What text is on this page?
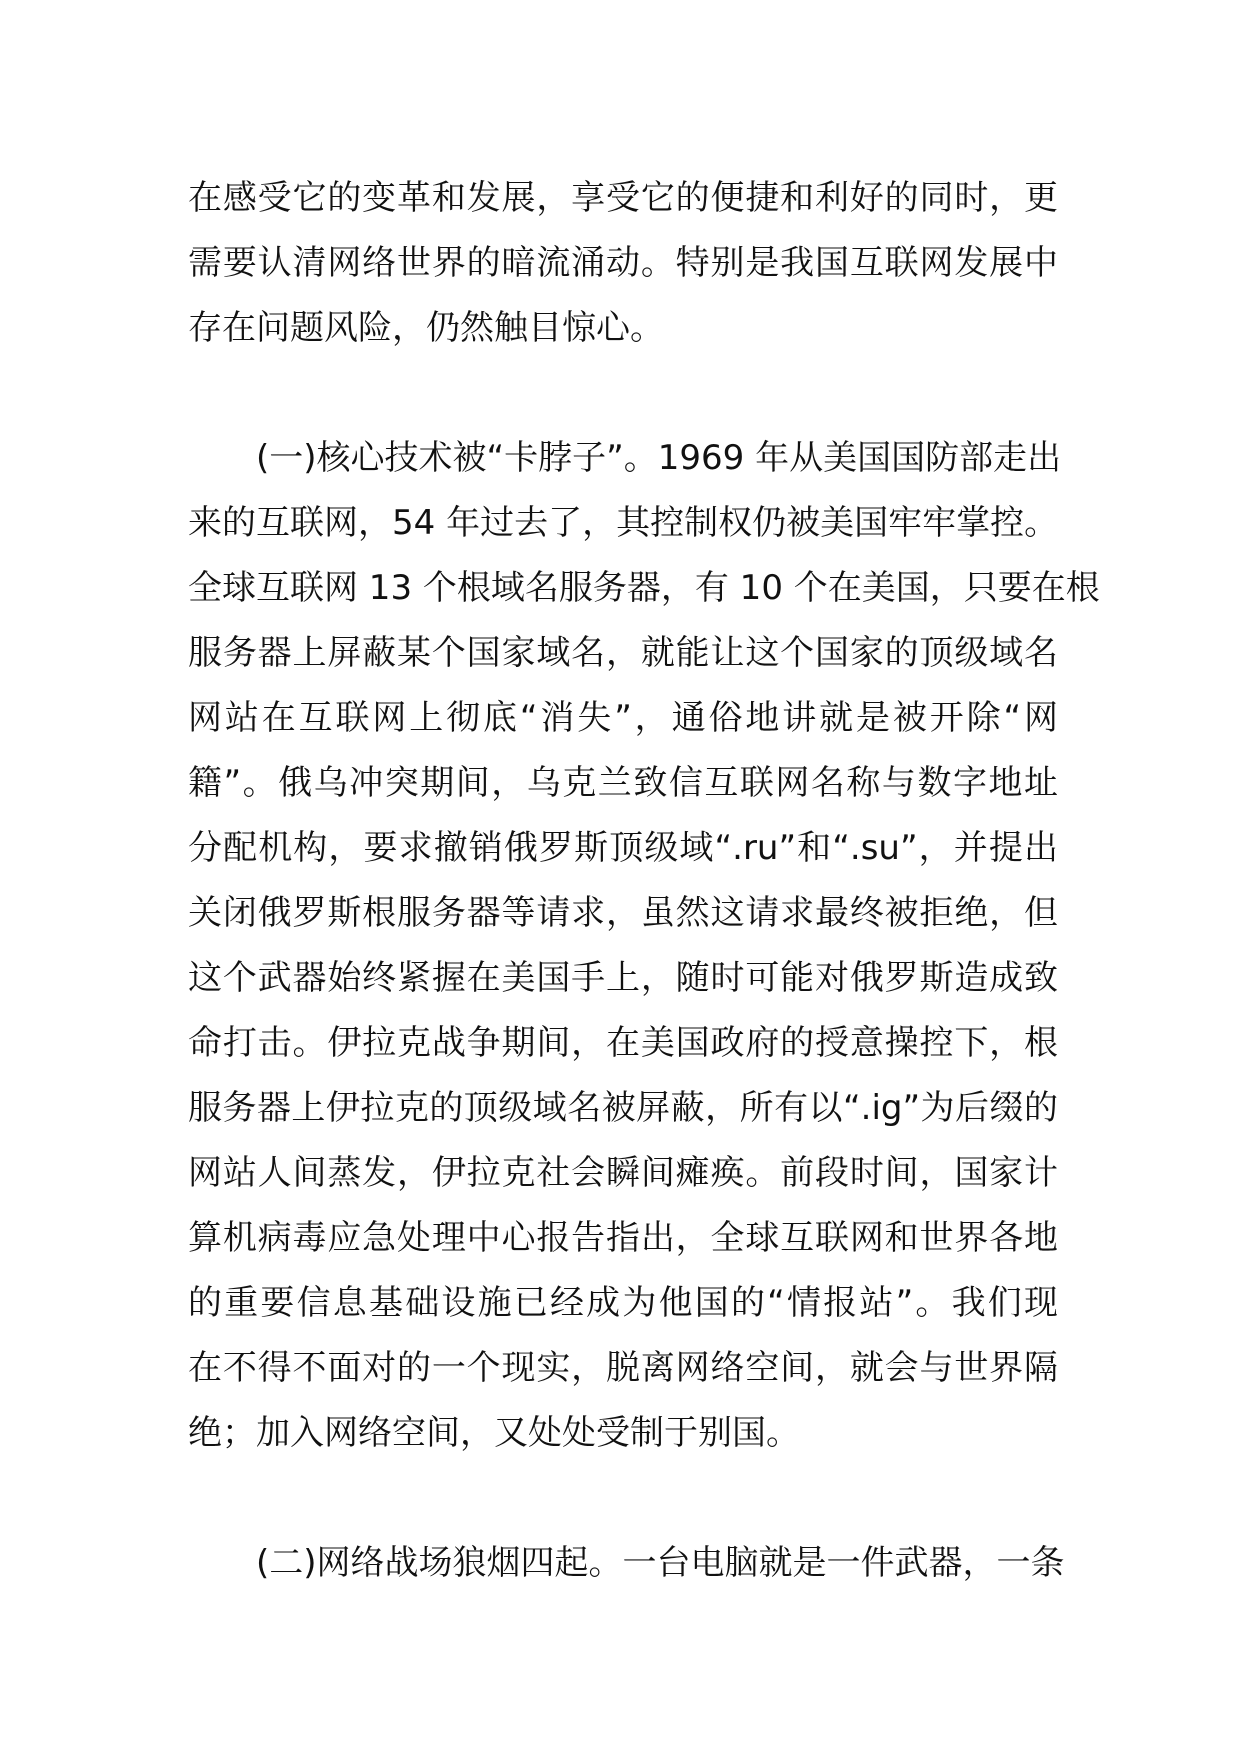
在感受它的变革和发展，享受它的便捷和利好的同时，更
需要认清网络世界的暗流涌动。特别是我国互联网发展中
存在问题风险，仍然触目惊心。
(一)核心技术被“卡脖子”。1969 年从美国国防部走出
来的互联网，54 年过去了，其控制权仍被美国牢牢掌控。
全球互联网 13 个根域名服务器，有 10 个在美国，只要在根
服务器上屏蔽某个国家域名，就能让这个国家的顶级域名
网站在互联网上彻底“消失”，通俗地讲就是被开除“网
籍”。俄乌冲突期间，乌克兰致信互联网名称与数字地址
分配机构，要求撤销俄罗斯顶级域“.ru”和“.su”，并提出
关闭俄罗斯根服务器等请求，虽然这请求最终被拒绝，但
这个武器始终紧握在美国手上，随时可能对俄罗斯造成致
命打击。伊拉克战争期间，在美国政府的授意操控下，根
服务器上伊拉克的顶级域名被屏蔽，所有以“.ig”为后缀的
网站人间蒸发，伊拉克社会瞬间瘫痪。前段时间，国家计
算机病毒应急处理中心报告指出，全球互联网和世界各地
的重要信息基础设施已经成为他国的“情报站”。我们现
在不得不面对的一个现实，脱离网络空间，就会与世界隔
绝；加入网络空间，又处处受制于别国。
(二)网络战场狼烟四起。一台电脑就是一件武器，一条
